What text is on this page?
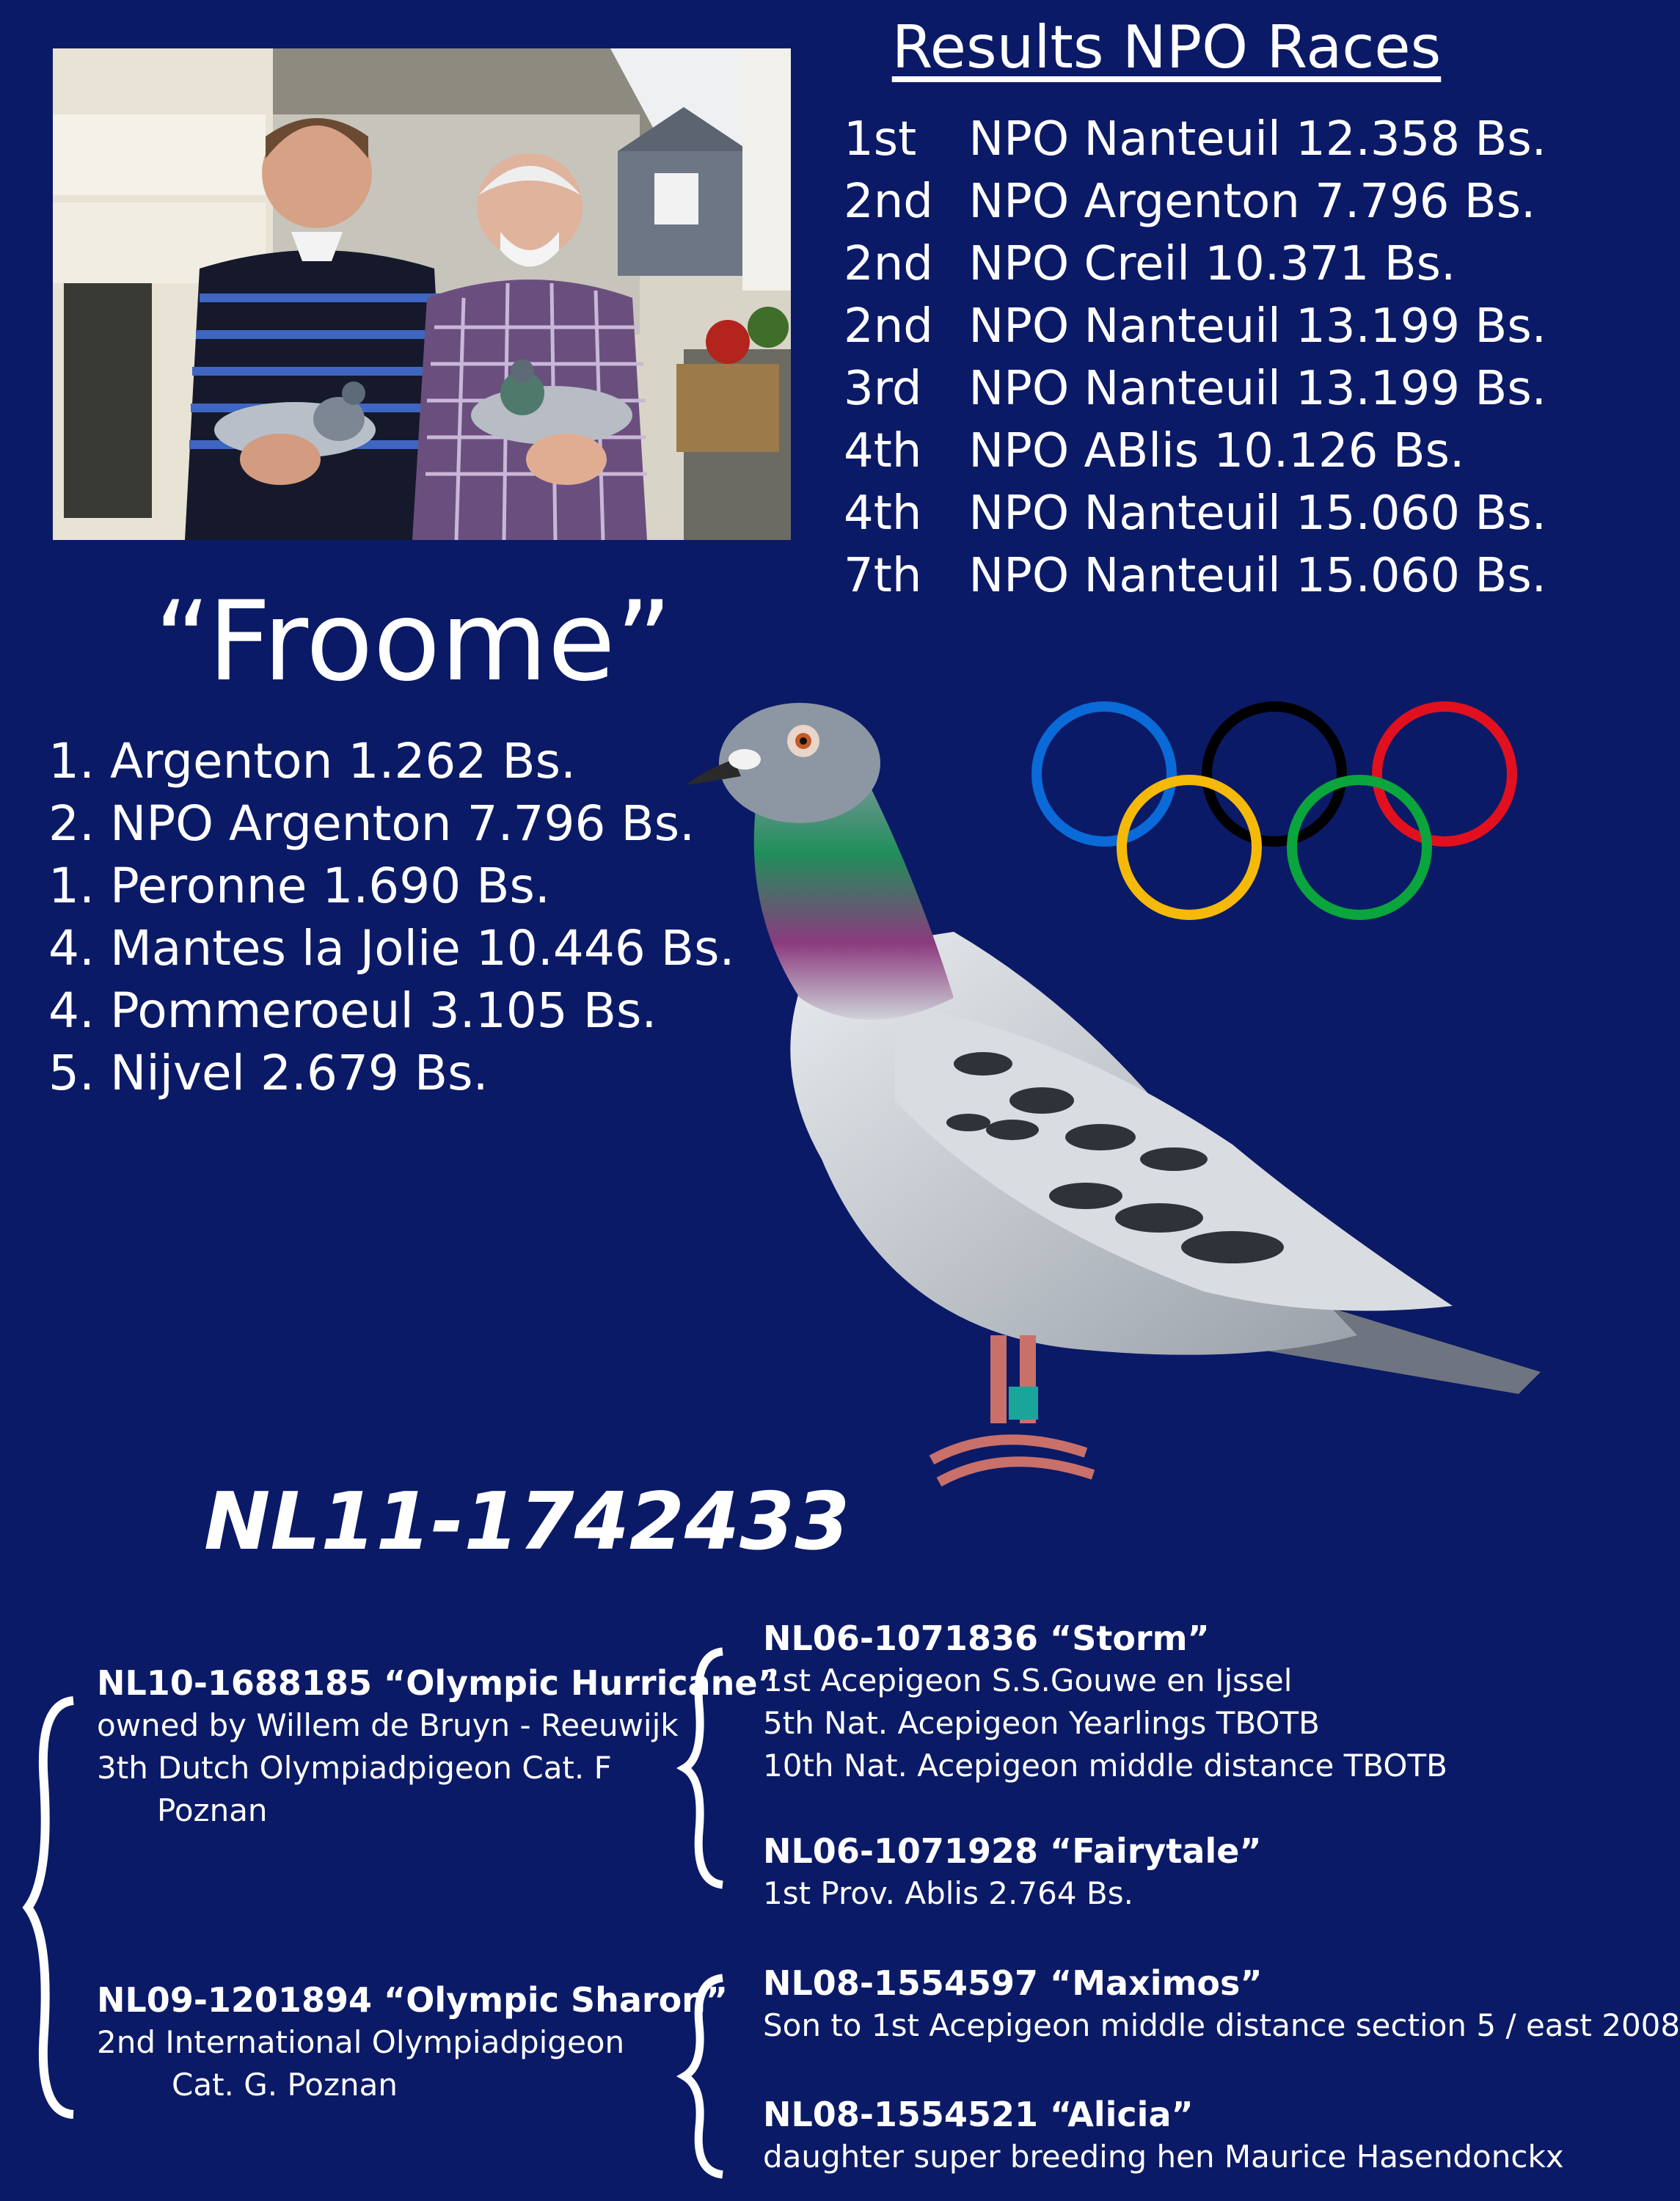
Results NPO Races
1st NPO Nanteuil 12.358 Bs.
2nd NPO Argenton 7.796 Bs.
2nd NPO Creil 10.371 Bs.
2nd NPO Nanteuil 13.199 Bs.
3rd NPO Nanteuil 13.199 Bs.
4th NPO ABlis 10.126 Bs.
4th NPO Nanteuil 15.060 Bs.
7th NPO Nanteuil 15.060 Bs.
“Froome”
1. Argenton 1.262 Bs.
2. NPO Argenton 7.796 Bs.
1. Peronne 1.690 Bs.
4. Mantes la Jolie 10.446 Bs.
4. Pommeroeul 3.105 Bs.
5. Nijvel 2.679 Bs.
NL11-1742433
NL10-1688185 “Olympic Hurricane”
owned by Willem de Bruyn - Reeuwijk
3th Dutch Olympiadpigeon Cat. F
Poznan
NL09-1201894 “Olympic Sharon”
2nd International Olympiadpigeon
Cat. G. Poznan
NL06-1071836 “Storm”
1st Acepigeon S.S.Gouwe en Ijssel
5th Nat. Acepigeon Yearlings TBOTB
10th Nat. Acepigeon middle distance TBOTB
NL06-1071928 “Fairytale”
1st Prov. Ablis 2.764 Bs.
NL08-1554597 “Maximos”
Son to 1st Acepigeon middle distance section 5 / east 2008
NL08-1554521 “Alicia”
daughter super breeding hen Maurice Hasendonckx
